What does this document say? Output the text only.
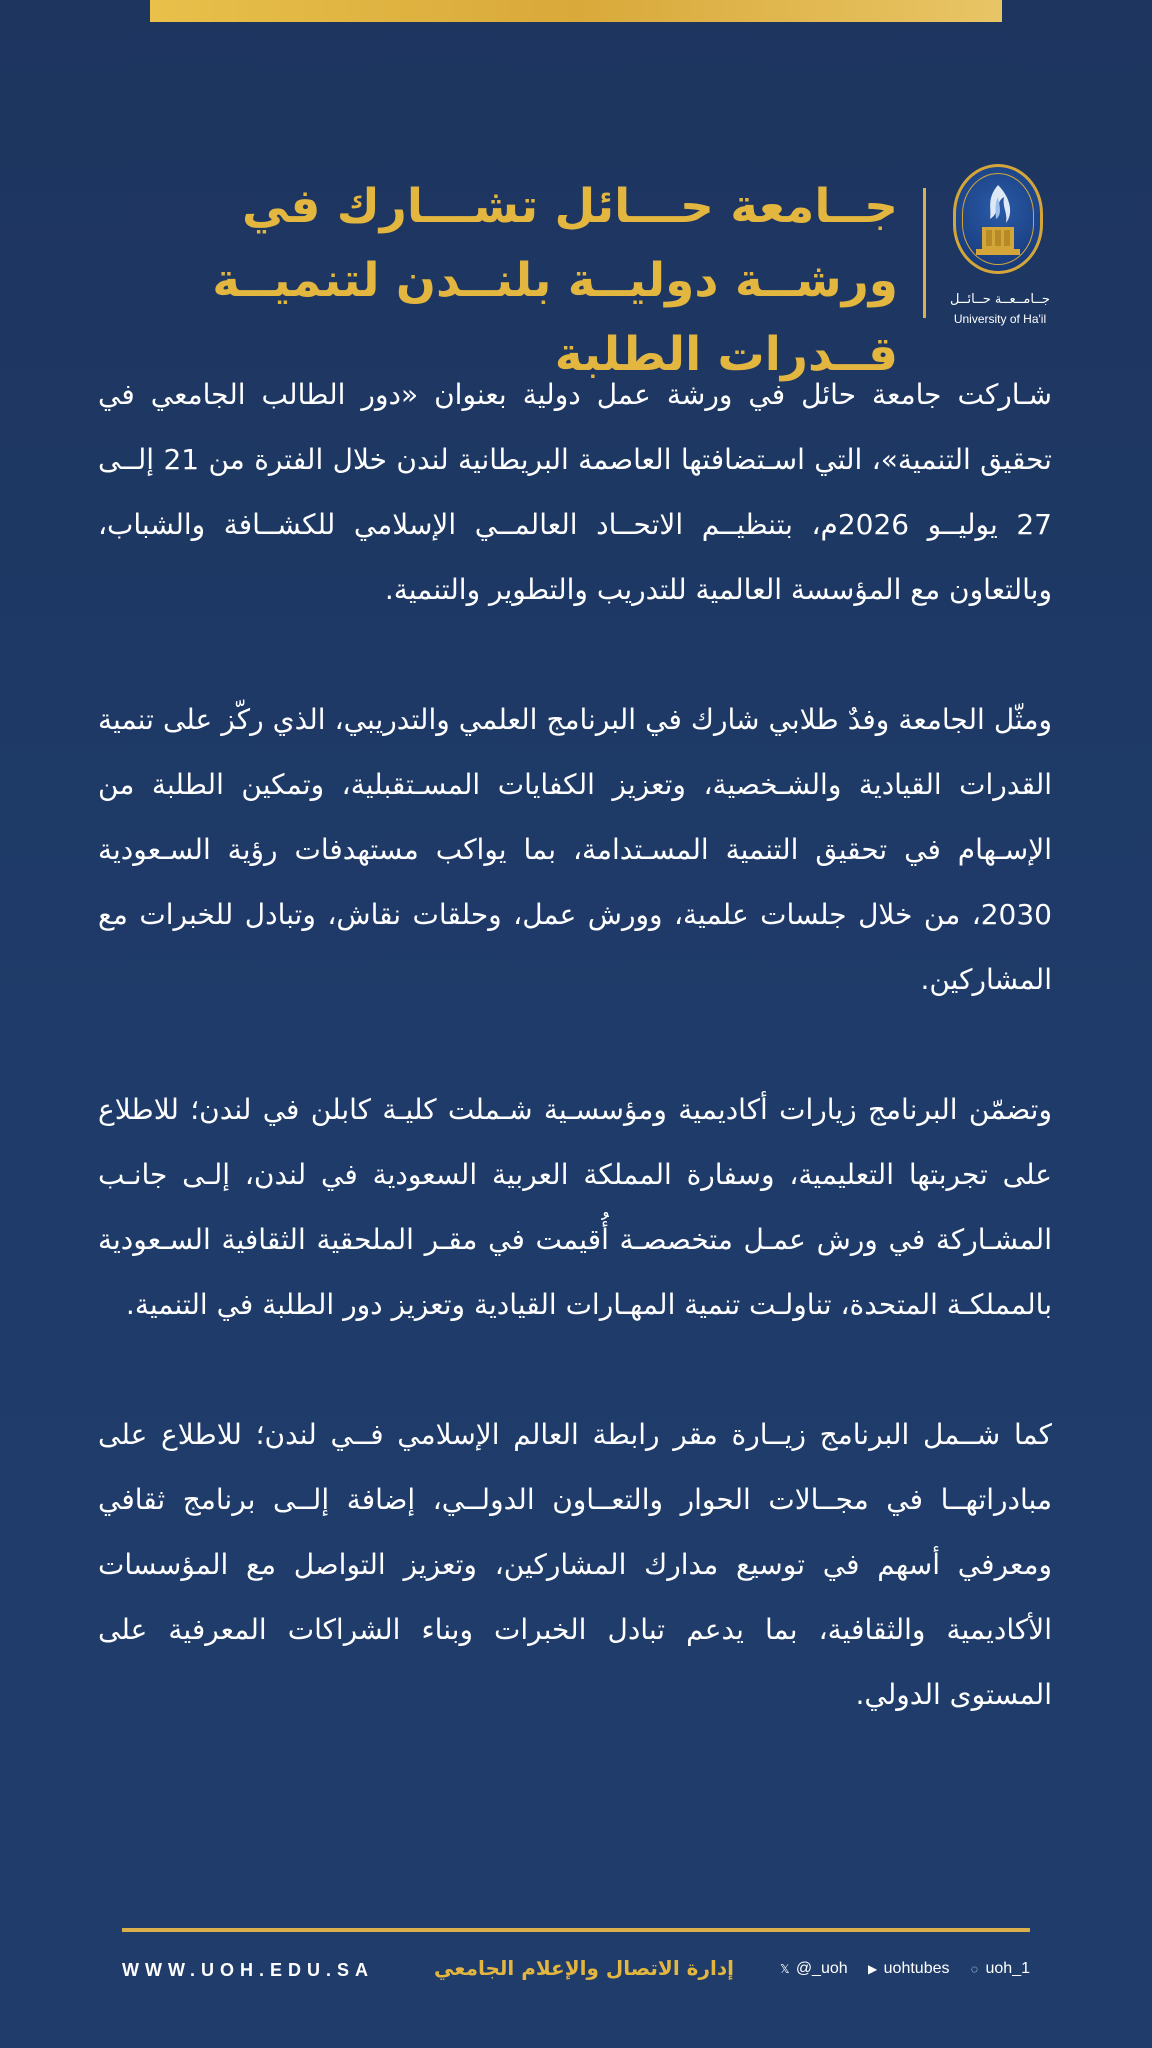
جــامعة حـــائل تشـــارك في ورشــة دوليــة بلنــدن لتنميــة قــدرات الطلبة
جــامــعــة حــائــل
University of Ha'il

شـاركت جامعة حائل في ورشة عمل دولية بعنوان «دور الطالب الجامعي في تحقيق التنمية»، التي اسـتضافتها العاصمة البريطانية لندن خلال الفترة من 21 إلــى 27 يوليــو 2026م، بتنظيــم الاتحــاد العالمــي الإسلامي للكشــافة والشباب، وبالتعاون مع المؤسسة العالمية للتدريب والتطوير والتنمية.

ومثّل الجامعة وفدٌ طلابي شارك في البرنامج العلمي والتدريبي، الذي ركّز على تنمية القدرات القيادية والشـخصية، وتعزيز الكفايات المسـتقبلية، وتمكين الطلبة من الإسـهام في تحقيق التنمية المسـتدامة، بما يواكب مستهدفات رؤية السـعودية 2030، من خلال جلسات علمية، وورش عمل، وحلقات نقاش، وتبادل للخبرات مع المشاركين.

وتضمّن البرنامج زيارات أكاديمية ومؤسسـية شـملت كليـة كابلن في لندن؛ للاطلاع على تجربتها التعليمية، وسفارة المملكة العربية السعودية في لندن، إلـى جانـب المشـاركة في ورش عمـل متخصصـة أُقيمت في مقـر الملحقية الثقافية السـعودية بالمملكـة المتحدة، تناولـت تنمية المهـارات القيادية وتعزيز دور الطلبة في التنمية.

كما شــمل البرنامج زيــارة مقر رابطة العالم الإسلامي فــي لندن؛ للاطلاع على مبادراتهــا في مجــالات الحوار والتعــاون الدولــي، إضافة إلــى برنامج ثقافي ومعرفي أسهم في توسيع مدارك المشاركين، وتعزيز التواصل مع المؤسسات الأكاديمية والثقافية، بما يدعم تبادل الخبرات وبناء الشراكات المعرفية على المستوى الدولي.

WWW.UOH.EDU.SA	إدارة الاتصال والإعلام الجامعي	𝕏 @_uoh ▶ uohtubes ◌ uoh_1
